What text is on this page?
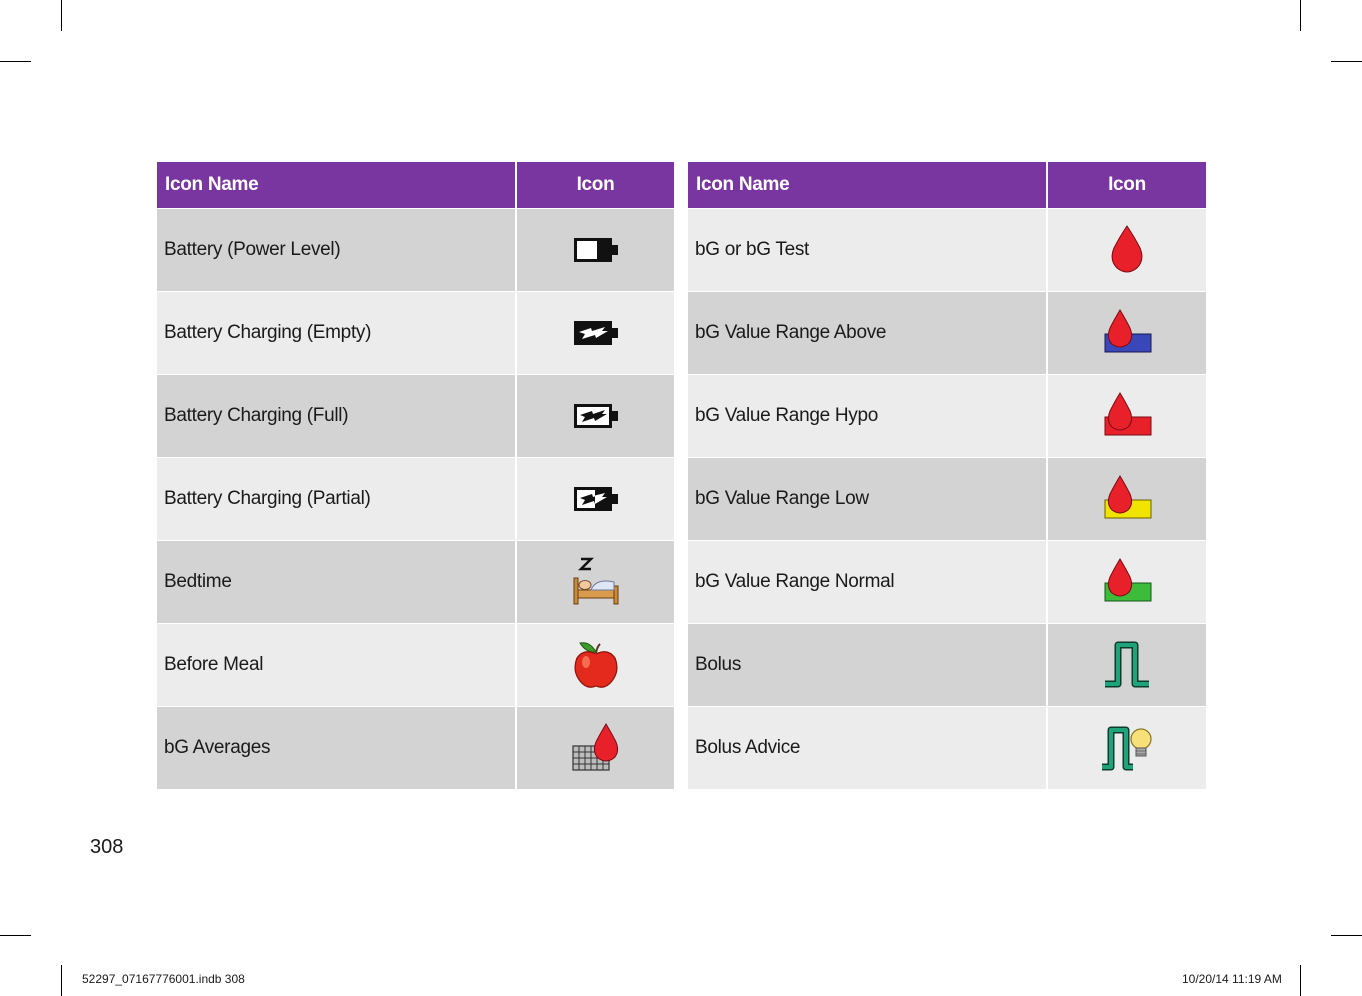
Icon Name	Icon
Battery (Power Level)	
Battery Charging (Empty)	
Battery Charging (Full)	
Battery Charging (Partial)	
Bedtime	
Before Meal	
bG Averages	
Icon Name	Icon
bG or bG Test	
bG Value Range Above	
bG Value Range Hypo	
bG Value Range Low	
bG Value Range Normal	
Bolus	
Bolus Advice	
308
52297_07167776001.indb 308	10/20/14 11:19 AM
